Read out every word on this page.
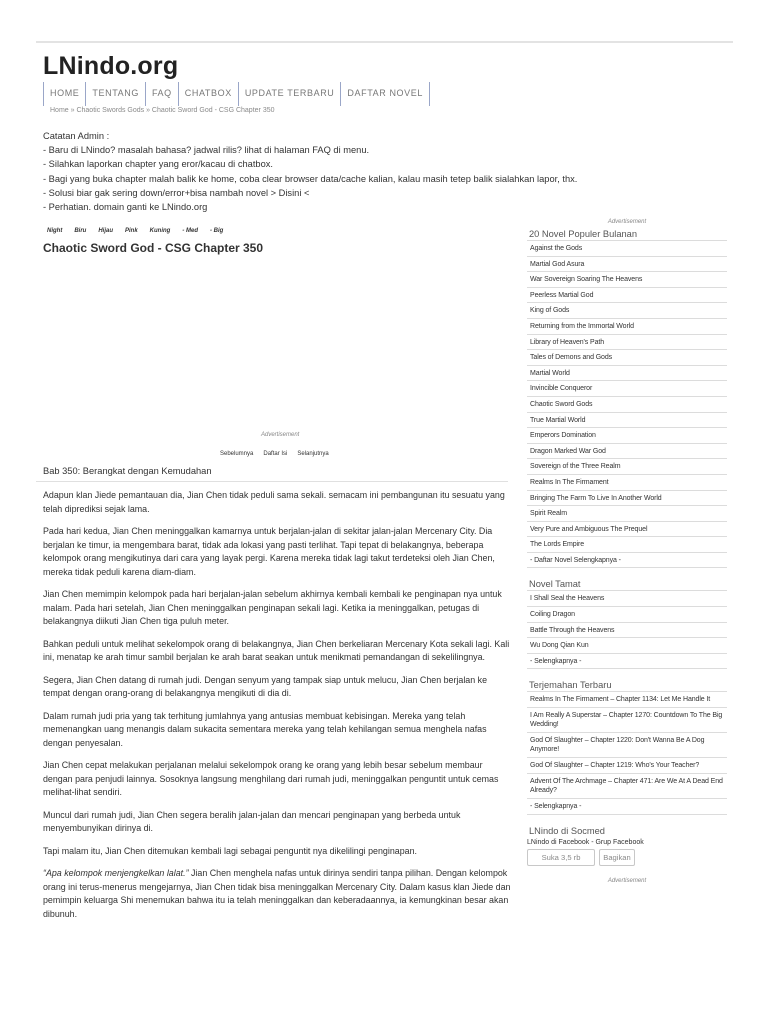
LNindo.org
HOME	TENTANG	FAQ	CHATBOX	UPDATE TERBARU	DAFTAR NOVEL
Home » Chaotic Swords Gods » Chaotic Sword God - CSG Chapter 350
Catatan Admin :
- Baru di LNindo? masalah bahasa? jadwal rilis? lihat di halaman FAQ di menu.
- Silahkan laporkan chapter yang eror/kacau di chatbox.
- Bagi yang buka chapter malah balik ke home, coba clear browser data/cache kalian, kalau masih tetep balik sialahkan lapor, thx.
- Solusi biar gak sering down/error+bisa nambah novel > Disini <
- Perhatian. domain ganti ke LNindo.org
Night Biru Hijau Pink Kuning - Med - Big
Chaotic Sword God - CSG Chapter 350
Advertisement
Sebelumnya Daftar Isi Selanjutnya
Bab 350: Berangkat dengan Kemudahan

Adapun klan Jiede pemantauan dia, Jian Chen tidak peduli sama sekali. semacam ini pembangunan itu sesuatu yang telah diprediksi sejak lama.

Pada hari kedua, Jian Chen meninggalkan kamarnya untuk berjalan-jalan di sekitar jalan-jalan Mercenary City. Dia berjalan ke timur, ia mengembara barat, tidak ada lokasi yang pasti terlihat. Tapi tepat di belakangnya, beberapa kelompok orang mengikutinya dari cara yang layak pergi. Karena mereka tidak lagi takut terdeteksi oleh Jian Chen, mereka tidak peduli karena diam-diam.

Jian Chen memimpin kelompok pada hari berjalan-jalan sebelum akhirnya kembali kembali ke penginapan nya untuk malam. Pada hari setelah, Jian Chen meninggalkan penginapan sekali lagi. Ketika ia meninggalkan, petugas di belakangnya diikuti Jian Chen tiga puluh meter.

Bahkan peduli untuk melihat sekelompok orang di belakangnya, Jian Chen berkeliaran Mercenary Kota sekali lagi. Kali ini, menatap ke arah timur sambil berjalan ke arah barat seakan untuk menikmati pemandangan di sekelilingnya.

Segera, Jian Chen datang di rumah judi. Dengan senyum yang tampak siap untuk melucu, Jian Chen berjalan ke tempat dengan orang-orang di belakangnya mengikuti di dia di.

Dalam rumah judi pria yang tak terhitung jumlahnya yang antusias membuat kebisingan. Mereka yang telah memenangkan uang menangis dalam sukacita sementara mereka yang telah kehilangan semua menghela nafas dengan penyesalan.

Jian Chen cepat melakukan perjalanan melalui sekelompok orang ke orang yang lebih besar sebelum membaur dengan para penjudi lainnya. Sosoknya langsung menghilang dari rumah judi, meninggalkan penguntit untuk cemas melihat-lihat sendiri.

Muncul dari rumah judi, Jian Chen segera beralih jalan-jalan dan mencari penginapan yang berbeda untuk menyembunyikan dirinya di.

Tapi malam itu, Jian Chen ditemukan kembali lagi sebagai penguntit nya dikelilingi penginapan.

“Apa kelompok menjengkelkan lalat.” Jian Chen menghela nafas untuk dirinya sendiri tanpa pilihan. Dengan kelompok orang ini terus-menerus mengejarnya, Jian Chen tidak bisa meninggalkan Mercenary City. Dalam kasus klan Jiede dan pemimpin keluarga Shi menemukan bahwa itu ia telah meninggalkan dan keberadaannya, ia kemungkinan besar akan dibunuh.

Advertisement
20 Novel Populer Bulanan
Against the Gods
Martial God Asura
War Sovereign Soaring The Heavens
Peerless Martial God
King of Gods
Returning from the Immortal World
Library of Heaven's Path
Tales of Demons and Gods
Martial World
Invincible Conqueror
Chaotic Sword Gods
True Martial World
Emperors Domination
Dragon Marked War God
Sovereign of the Three Realm
Realms In The Firmament
Bringing The Farm To Live In Another World
Spirit Realm
Very Pure and Ambiguous The Prequel
The Lords Empire
- Daftar Novel Selengkapnya -
Novel Tamat
I Shall Seal the Heavens
Coiling Dragon
Battle Through the Heavens
Wu Dong Qian Kun
- Selengkapnya -
Terjemahan Terbaru
Realms In The Firmament – Chapter 1134: Let Me Handle It
I Am Really A Superstar – Chapter 1270: Countdown To The Big Wedding!
God Of Slaughter – Chapter 1220: Don't Wanna Be A Dog Anymore!
God Of Slaughter – Chapter 1219: Who's Your Teacher?
Advent Of The Archmage – Chapter 471: Are We At A Dead End Already?
- Selengkapnya -
LNindo di Socmed
LNindo di Facebook - Grup Facebook
Suka 3,5 rb	Bagikan
Advertisement
